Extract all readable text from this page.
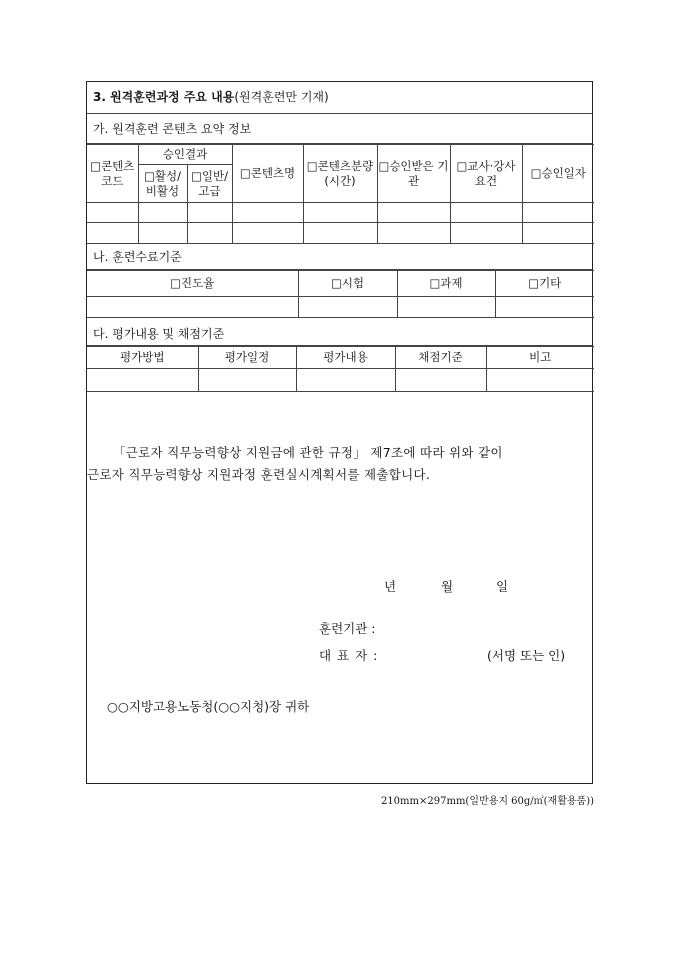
3. 원격훈련과정 주요 내용(원격훈련만 기재)
가. 원격훈련 콘텐츠 요약 정보
□콘텐츠 코드	승인결과		□콘텐츠명	□콘텐츠분량 (시간)	□승인받은 기관	□교사·강사 요건	□승인일자
	□활성/ 비활성	□일반/ 고급					

나. 훈련수료기준
□진도율	□시험	□과제	□기타

다. 평가내용 및 채점기준
평가방법	평가일정	평가내용	채점기준	비고

「근로자 직무능력향상 지원금에 관한 규정」 제7조에 따라 위와 같이
근로자 직무능력향상 지원과정 훈련실시계획서를 제출합니다.
년	월	일
훈련기관 :
대 표 자 :	(서명 또는 인)
○○지방고용노동청(○○지청)장 귀하
210mm×297mm(일반용지 60g/㎡(재활용품))
